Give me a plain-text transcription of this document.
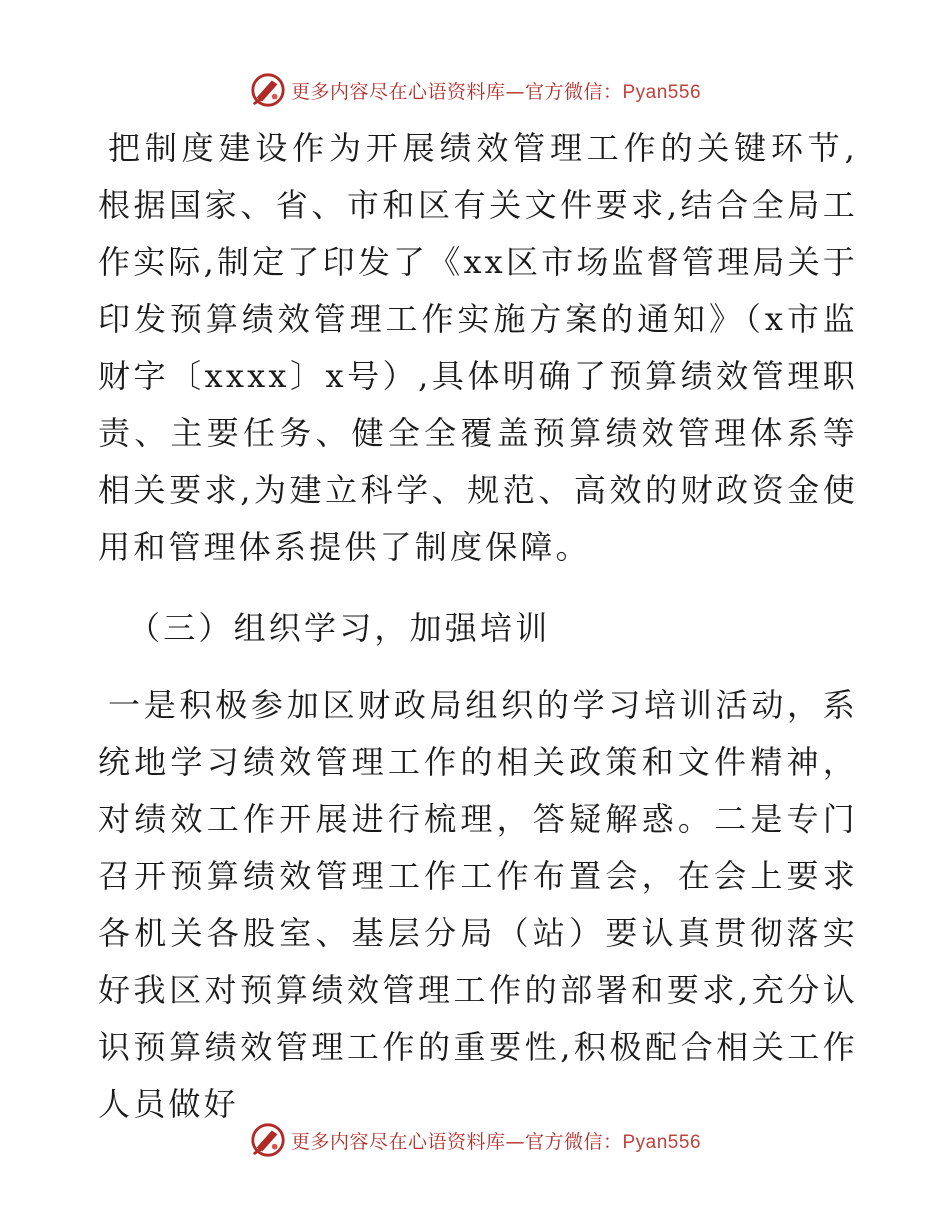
更多内容尽在心语资料库—官方微信：Pyan556

把制度建设作为开展绩效管理工作的关键环节,根据国家、省、市和区有关文件要求,结合全局工作实际,制定了印发了《xx区市场监督管理局关于印发预算绩效管理工作实施方案的通知》（x市监财字〔xxxx〕x号）,具体明确了预算绩效管理职责、主要任务、健全全覆盖预算绩效管理体系等相关要求,为建立科学、规范、高效的财政资金使用和管理体系提供了制度保障。

（三）组织学习，加强培训

一是积极参加区财政局组织的学习培训活动，系统地学习绩效管理工作的相关政策和文件精神，对绩效工作开展进行梳理，答疑解惑。二是专门召开预算绩效管理工作工作布置会，在会上要求各机关各股室、基层分局（站）要认真贯彻落实好我区对预算绩效管理工作的部署和要求,充分认识预算绩效管理工作的重要性,积极配合相关工作人员做好

更多内容尽在心语资料库—官方微信：Pyan556
